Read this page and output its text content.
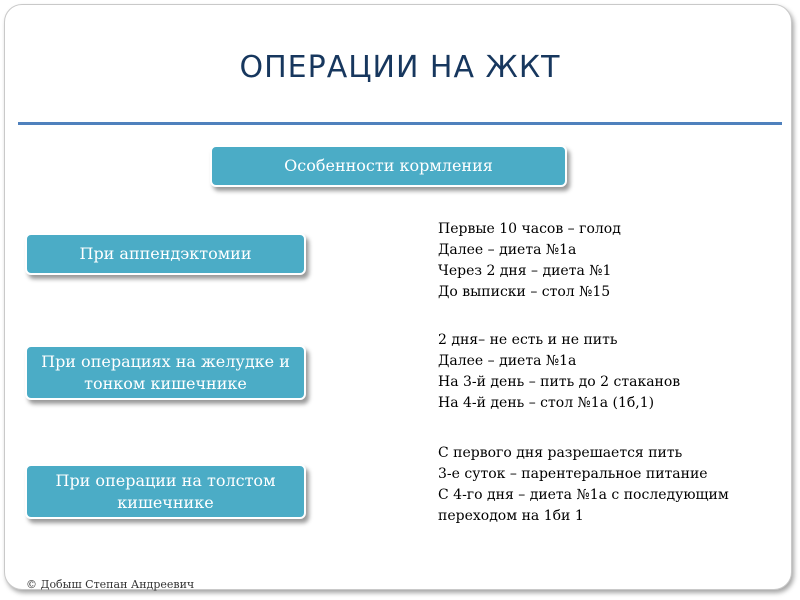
ОПЕРАЦИИ НА ЖКТ
Особенности кормления
При аппендэктомии
При операциях на желудке и тонком кишечнике
При операции на толстом кишечнике
Первые 10 часов – голод
Далее – диета №1а
Через 2 дня – диета №1
До выписки – стол №15
2 дня– не есть и не пить
Далее – диета №1а
На 3-й день – пить до 2 стаканов
На 4-й день – стол №1а (1б,1)
С первого дня разрешается пить
3-е суток – парентеральное питание
С 4-го дня – диета №1а с последующим
переходом на 1би 1
© Добыш Степан Андреевич
